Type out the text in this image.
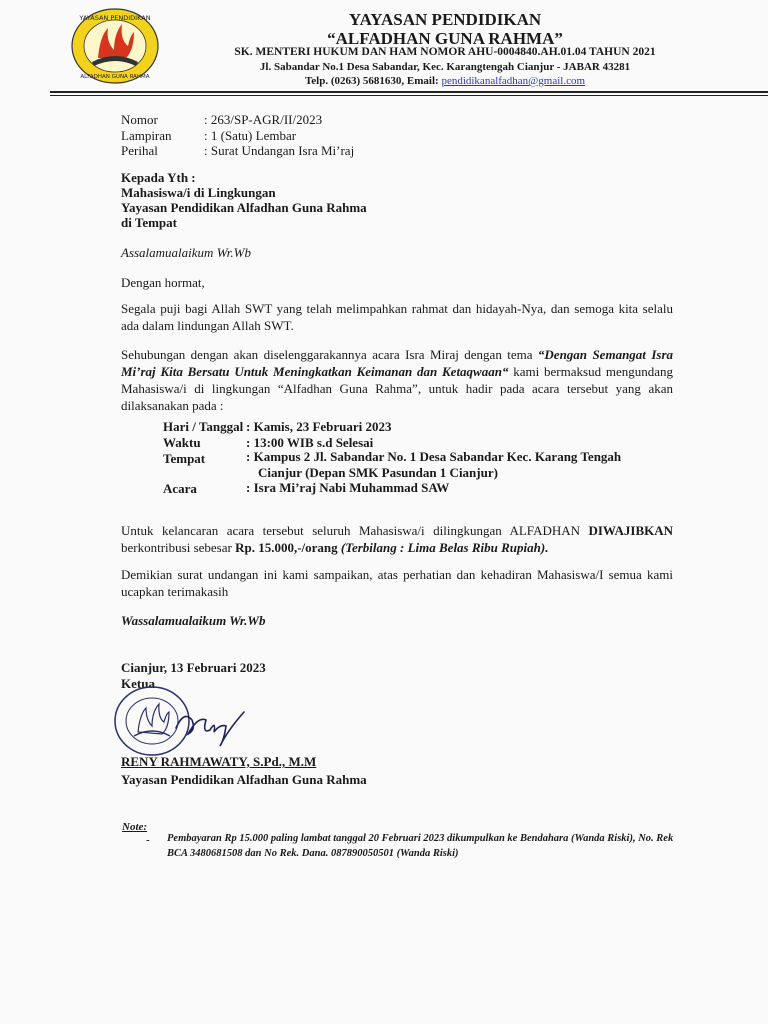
YAYASAN PENDIDIKAN
ALFADHAN GUNA RAHMA
YAYASAN PENDIDIKAN
“ALFADHAN GUNA RAHMA”
SK. MENTERI HUKUM DAN HAM NOMOR AHU-0004840.AH.01.04 TAHUN 2021
Jl. Sabandar No.1 Desa Sabandar, Kec. Karangtengah Cianjur - JABAR 43281
Telp. (0263) 5681630, Email: pendidikanalfadhan@gmail.com
Nomor	: 263/SP-AGR/II/2023
Lampiran : 1 (Satu) Lembar
Perihal	: Surat Undangan Isra Mi’raj
Kepada Yth :
Mahasiswa/i di Lingkungan
Yayasan Pendidikan Alfadhan Guna Rahma
di Tempat
Assalamualaikum Wr.Wb
Dengan hormat,
Segala puji bagi Allah SWT yang telah melimpahkan rahmat dan hidayah-Nya, dan semoga kita selalu ada dalam lindungan Allah SWT.
Sehubungan dengan akan diselenggarakannya acara Isra Miraj dengan tema “Dengan Semangat Isra Mi’raj Kita Bersatu Untuk Meningkatkan Keimanan dan Ketaqwaan“ kami bermaksud mengundang Mahasiswa/i di lingkungan “Alfadhan Guna Rahma”, untuk hadir pada acara tersebut yang akan dilaksanakan pada :
Hari / Tanggal : Kamis, 23 Februari 2023
Waktu	: 13:00 WIB s.d Selesai
Tempat	: Kampus 2 Jl. Sabandar No. 1 Desa Sabandar Kec. Karang Tengah
Cianjur (Depan SMK Pasundan 1 Cianjur)
Acara	: Isra Mi’raj Nabi Muhammad SAW
Untuk kelancaran acara tersebut seluruh Mahasiswa/i dilingkungan ALFADHAN DIWAJIBKAN berkontribusi sebesar Rp. 15.000,-/orang (Terbilang : Lima Belas Ribu Rupiah).
Demikian surat undangan ini kami sampaikan, atas perhatian dan kehadiran Mahasiswa/I semua kami ucapkan terimakasih
Wassalamualaikum Wr.Wb
Cianjur, 13 Februari 2023
Ketua
RENY RAHMAWATY, S.Pd., M.M
Yayasan Pendidikan Alfadhan Guna Rahma
Note:
- Pembayaran Rp 15.000 paling lambat tanggal 20 Februari 2023 dikumpulkan ke Bendahara (Wanda Riski), No. Rek BCA 3480681508 dan No Rek. Dana. 087890050501 (Wanda Riski)
